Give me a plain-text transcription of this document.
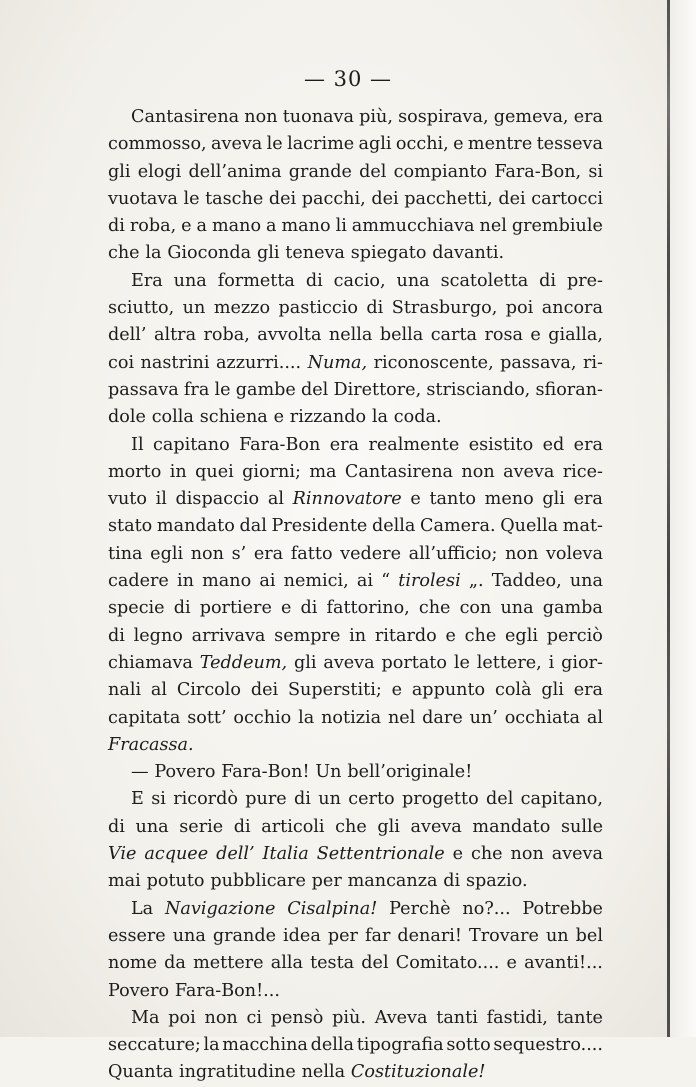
— 30 —
Cantasirena non tuonava più, sospirava, gemeva, era
commosso, aveva le lacrime agli occhi, e mentre tesseva
gli elogi dell’anima grande del compianto Fara-Bon, si
vuotava le tasche dei pacchi, dei pacchetti, dei cartocci
di roba, e a mano a mano li ammucchiava nel grembiule
che la Gioconda gli teneva spiegato davanti.
Era una formetta di cacio, una scatoletta di pre-
sciutto, un mezzo pasticcio di Strasburgo, poi ancora
dell’ altra roba, avvolta nella bella carta rosa e gialla,
coi nastrini azzurri.... Numa, riconoscente, passava, ri-
passava fra le gambe del Direttore, strisciando, sfioran-
dole colla schiena e rizzando la coda.
Il capitano Fara-Bon era realmente esistito ed era
morto in quei giorni; ma Cantasirena non aveva rice-
vuto il dispaccio al Rinnovatore e tanto meno gli era
stato mandato dal Presidente della Camera. Quella mat-
tina egli non s’ era fatto vedere all’ufficio; non voleva
cadere in mano ai nemici, ai “ tirolesi „. Taddeo, una
specie di portiere e di fattorino, che con una gamba
di legno arrivava sempre in ritardo e che egli perciò
chiamava Teddeum, gli aveva portato le lettere, i gior-
nali al Circolo dei Superstiti; e appunto colà gli era
capitata sott’ occhio la notizia nel dare un’ occhiata al
Fracassa.
— Povero Fara-Bon! Un bell’originale!
E si ricordò pure di un certo progetto del capitano,
di una serie di articoli che gli aveva mandato sulle
Vie acquee dell’ Italia Settentrionale e che non aveva
mai potuto pubblicare per mancanza di spazio.
La Navigazione Cisalpina! Perchè no?... Potrebbe
essere una grande idea per far denari! Trovare un bel
nome da mettere alla testa del Comitato.... e avanti!...
Povero Fara-Bon!...
Ma poi non ci pensò più. Aveva tanti fastidi, tante
seccature; la macchina della tipografia sotto sequestro....
Quanta ingratitudine nella Costituzionale!
